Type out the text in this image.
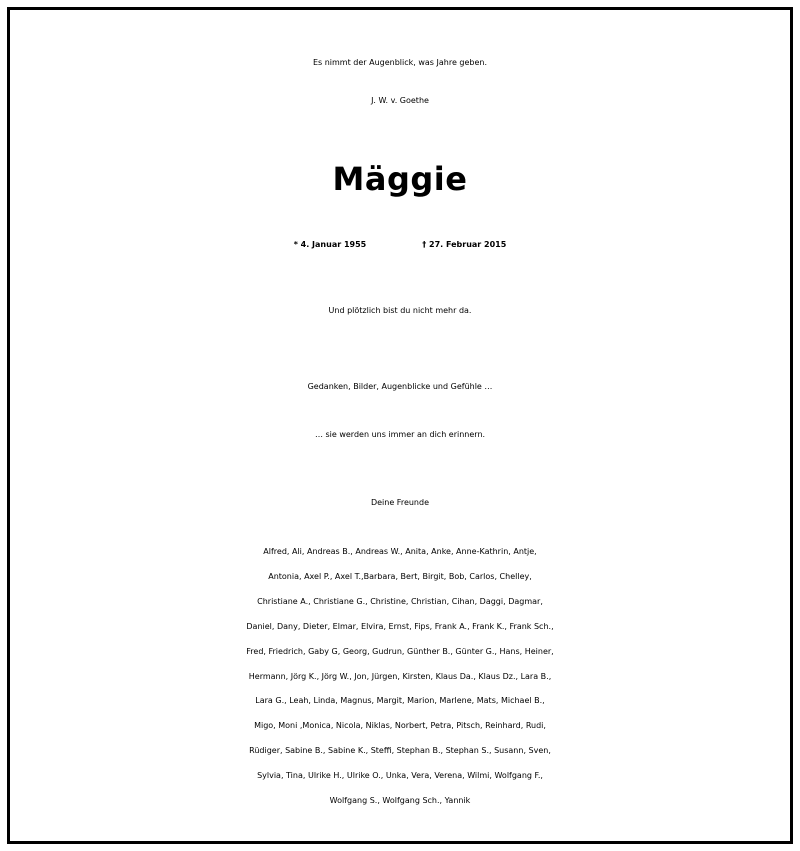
Es nimmt der Augenblick, was Jahre geben.
J. W. v. Goethe
Mäggie
* 4. Januar 1955	† 27. Februar 2015
Und plötzlich bist du nicht mehr da.
Gedanken, Bilder, Augenblicke und Gefühle …
… sie werden uns immer an dich erinnern.
Deine Freunde
Alfred, Ali, Andreas B., Andreas W., Anita, Anke, Anne-Kathrin, Antje,
Antonia, Axel P., Axel T.,Barbara, Bert, Birgit, Bob, Carlos, Chelley,
Christiane A., Christiane G., Christine, Christian, Cihan, Daggi, Dagmar,
Daniel, Dany, Dieter, Elmar, Elvira, Ernst, Fips, Frank A., Frank K., Frank Sch.,
Fred, Friedrich, Gaby G, Georg, Gudrun, Günther B., Günter G., Hans, Heiner,
Hermann, Jörg K., Jörg W., Jon, Jürgen, Kirsten, Klaus Da., Klaus Dz., Lara B.,
Lara G., Leah, Linda, Magnus, Margit, Marion, Marlene, Mats, Michael B.,
Migo, Moni ,Monica, Nicola, Niklas, Norbert, Petra, Pitsch, Reinhard, Rudi,
Rüdiger, Sabine B., Sabine K., Steffi, Stephan B., Stephan S., Susann, Sven,
Sylvia, Tina, Ulrike H., Ulrike O., Unka, Vera, Verena, Wilmi, Wolfgang F.,
Wolfgang S., Wolfgang Sch., Yannik
